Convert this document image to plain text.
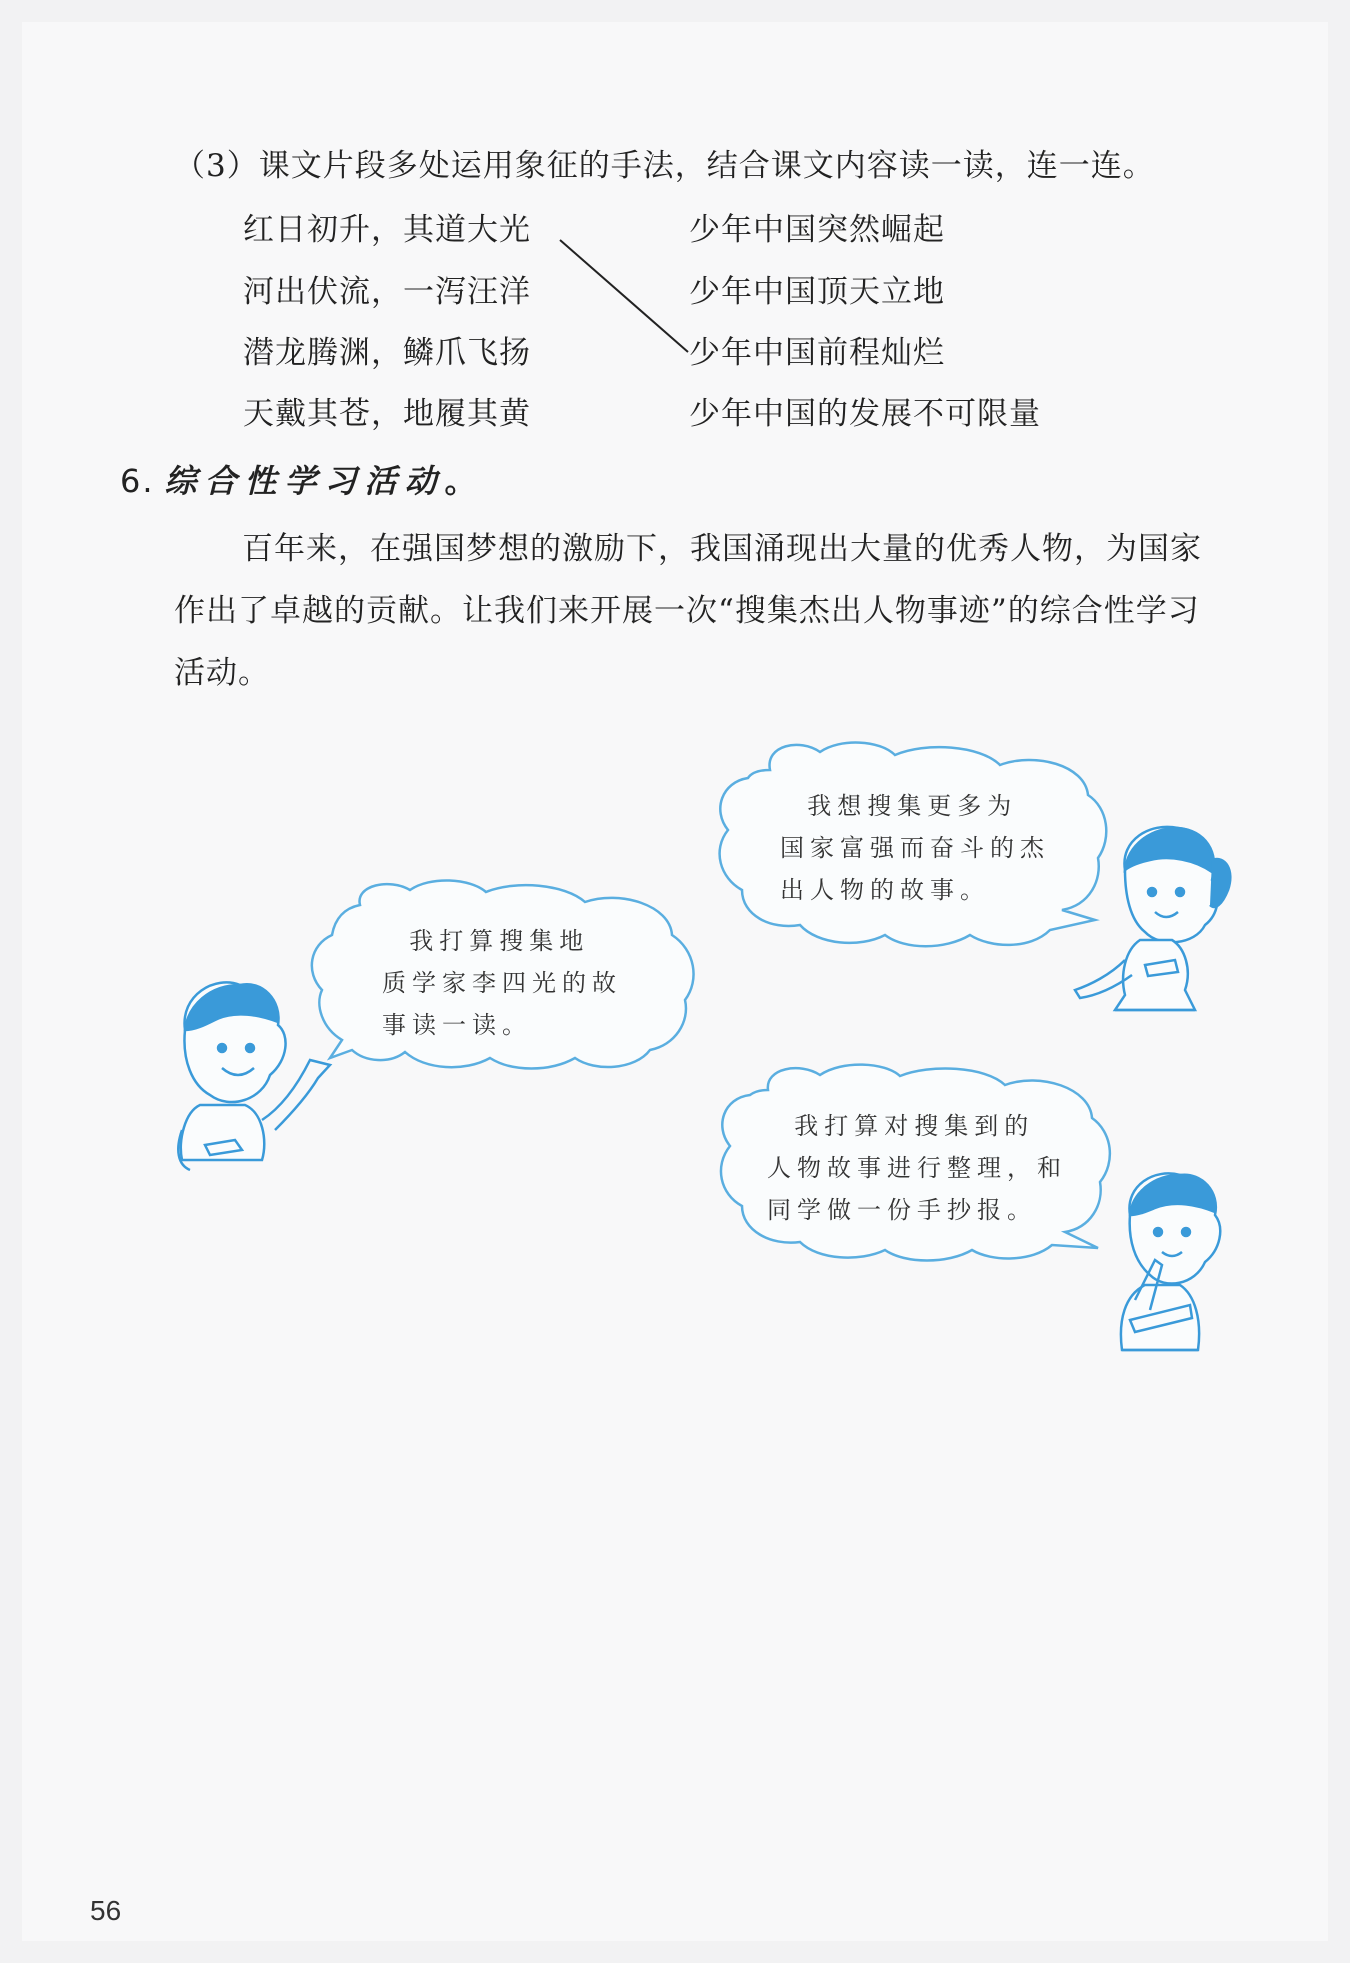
（3）课文片段多处运用象征的手法，结合课文内容读一读，连一连。
红日初升，其道大光
河出伏流，一泻汪洋
潜龙腾渊，鳞爪飞扬
天戴其苍，地履其黄
少年中国突然崛起
少年中国顶天立地
少年中国前程灿烂
少年中国的发展不可限量
6. 综合性学习活动。
百年来，在强国梦想的激励下，我国涌现出大量的优秀人物，为国家作出了卓越的贡献。让我们来开展一次“搜集杰出人物事迹”的综合性学习活动。
我想搜集更多为
国家富强而奋斗的杰
出人物的故事。
我打算搜集地
质学家李四光的故
事读一读。
我打算对搜集到的
人物故事进行整理，和
同学做一份手抄报。
56
